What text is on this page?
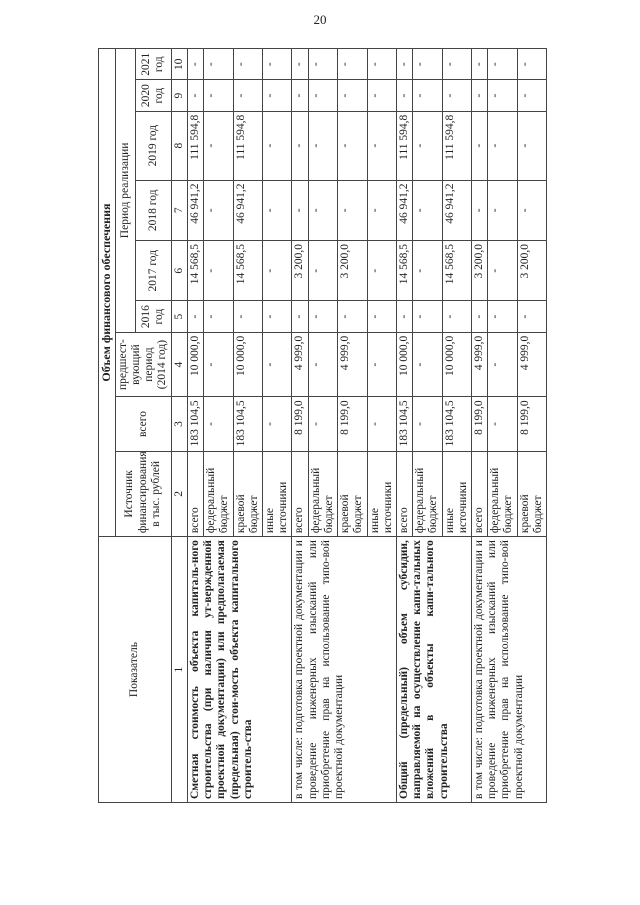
20
Показатель	Объем финансового обеспечения								
	Источник финансирования в тыс. рублей	всего	предшест-вующий период (2014 год)	Период реализации					
				2016 год	2017 год	2018 год	2019 год	2020 год	2021 год
1	2	3	4	5	6	7	8	9	10
Сметная стоимость объекта капиталь-ного строительства (при наличии ут-вержденной проектной документации) или предполагаемая (предельная) стои-мость объекта капитального строитель-ства	всего	183 104,5	10 000,0	-	14 568,5	46 941,2	111 594,8	-	-
	федеральный бюджет	-	-	-	-	-	-	-	-
	краевой бюджет	183 104,5	10 000,0	-	14 568,5	46 941,2	111 594,8	-	-
	иные источники	-	-	-	-	-	-	-	-
в том числе: подготовка проектной документации и проведение инженерных изысканий или приобретение прав на использование типо-вой проектной документации	всего	8 199,0	4 999,0	-	3 200,0	-	-	-	-
	федеральный бюджет	-	-	-	-	-	-	-	-
	краевой бюджет	8 199,0	4 999,0	-	3 200,0	-	-	-	-
	иные источники	-	-	-	-	-	-	-	-
Общий (предельный) объем субсидии, направляемой на осуществление капи-тальных вложений в объекты капи-тального строительства	всего	183 104,5	10 000,0	-	14 568,5	46 941,2	111 594,8	-	-
	федеральный бюджет	-	-	-	-	-	-	-	-
	иные источники	183 104,5	10 000,0	-	14 568,5	46 941,2	111 594,8	-	-
в том числе: подготовка проектной документации и проведение инженерных изысканий или приобретение прав на использование типо-вой проектной документации	всего	8 199,0	4 999,0	-	3 200,0	-	-	-	-
	федеральный бюджет	-	-	-	-	-	-	-	-
	краевой бюджет	8 199,0	4 999,0	-	3 200,0	-	-	-	-
